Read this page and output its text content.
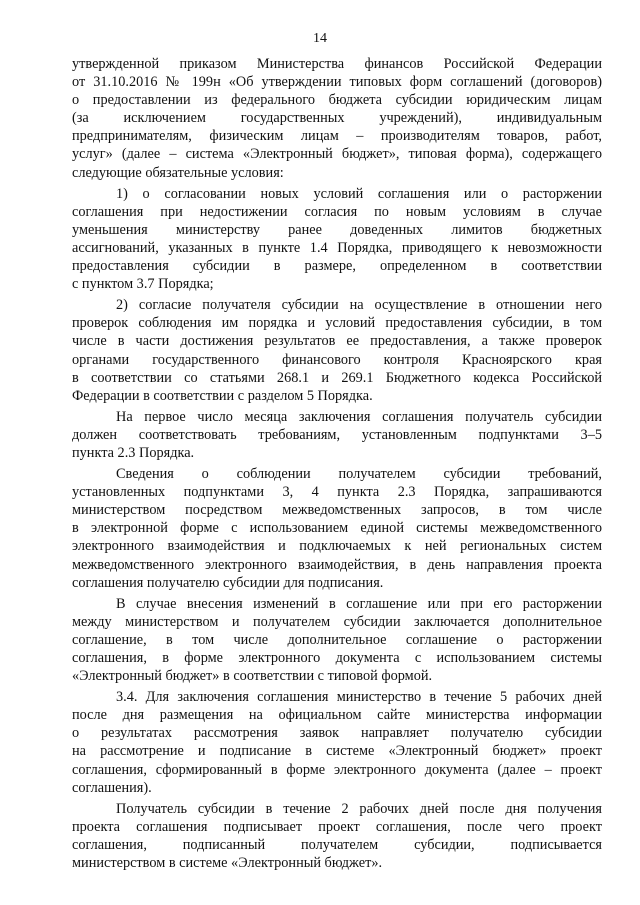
14
утвержденной приказом Министерства финансов Российской Федерации
от 31.10.2016 № 199н «Об утверждении типовых форм соглашений (договоров)
о предоставлении из федерального бюджета субсидии юридическим лицам
(за исключением государственных учреждений), индивидуальным
предпринимателям, физическим лицам – производителям товаров, работ,
услуг» (далее – система «Электронный бюджет», типовая форма), содержащего
следующие обязательные условия:
1) о согласовании новых условий соглашения или о расторжении
соглашения при недостижении согласия по новым условиям в случае
уменьшения министерству ранее доведенных лимитов бюджетных
ассигнований, указанных в пункте 1.4 Порядка, приводящего к невозможности
предоставления субсидии в размере, определенном в соответствии
с пунктом 3.7 Порядка;
2) согласие получателя субсидии на осуществление в отношении него
проверок соблюдения им порядка и условий предоставления субсидии, в том
числе в части достижения результатов ее предоставления, а также проверок
органами государственного финансового контроля Красноярского края
в соответствии со статьями 268.1 и 269.1 Бюджетного кодекса Российской
Федерации в соответствии с разделом 5 Порядка.
На первое число месяца заключения соглашения получатель субсидии
должен соответствовать требованиям, установленным подпунктами 3–5
пункта 2.3 Порядка.
Сведения о соблюдении получателем субсидии требований,
установленных подпунктами 3, 4 пункта 2.3 Порядка, запрашиваются
министерством посредством межведомственных запросов, в том числе
в электронной форме с использованием единой системы межведомственного
электронного взаимодействия и подключаемых к ней региональных систем
межведомственного электронного взаимодействия, в день направления проекта
соглашения получателю субсидии для подписания.
В случае внесения изменений в соглашение или при его расторжении
между министерством и получателем субсидии заключается дополнительное
соглашение, в том числе дополнительное соглашение о расторжении
соглашения, в форме электронного документа с использованием системы
«Электронный бюджет» в соответствии с типовой формой.
3.4. Для заключения соглашения министерство в течение 5 рабочих дней
после дня размещения на официальном сайте министерства информации
о результатах рассмотрения заявок направляет получателю субсидии
на рассмотрение и подписание в системе «Электронный бюджет» проект
соглашения, сформированный в форме электронного документа (далее – проект
соглашения).
Получатель субсидии в течение 2 рабочих дней после дня получения
проекта соглашения подписывает проект соглашения, после чего проект
соглашения, подписанный получателем субсидии, подписывается
министерством в системе «Электронный бюджет».
